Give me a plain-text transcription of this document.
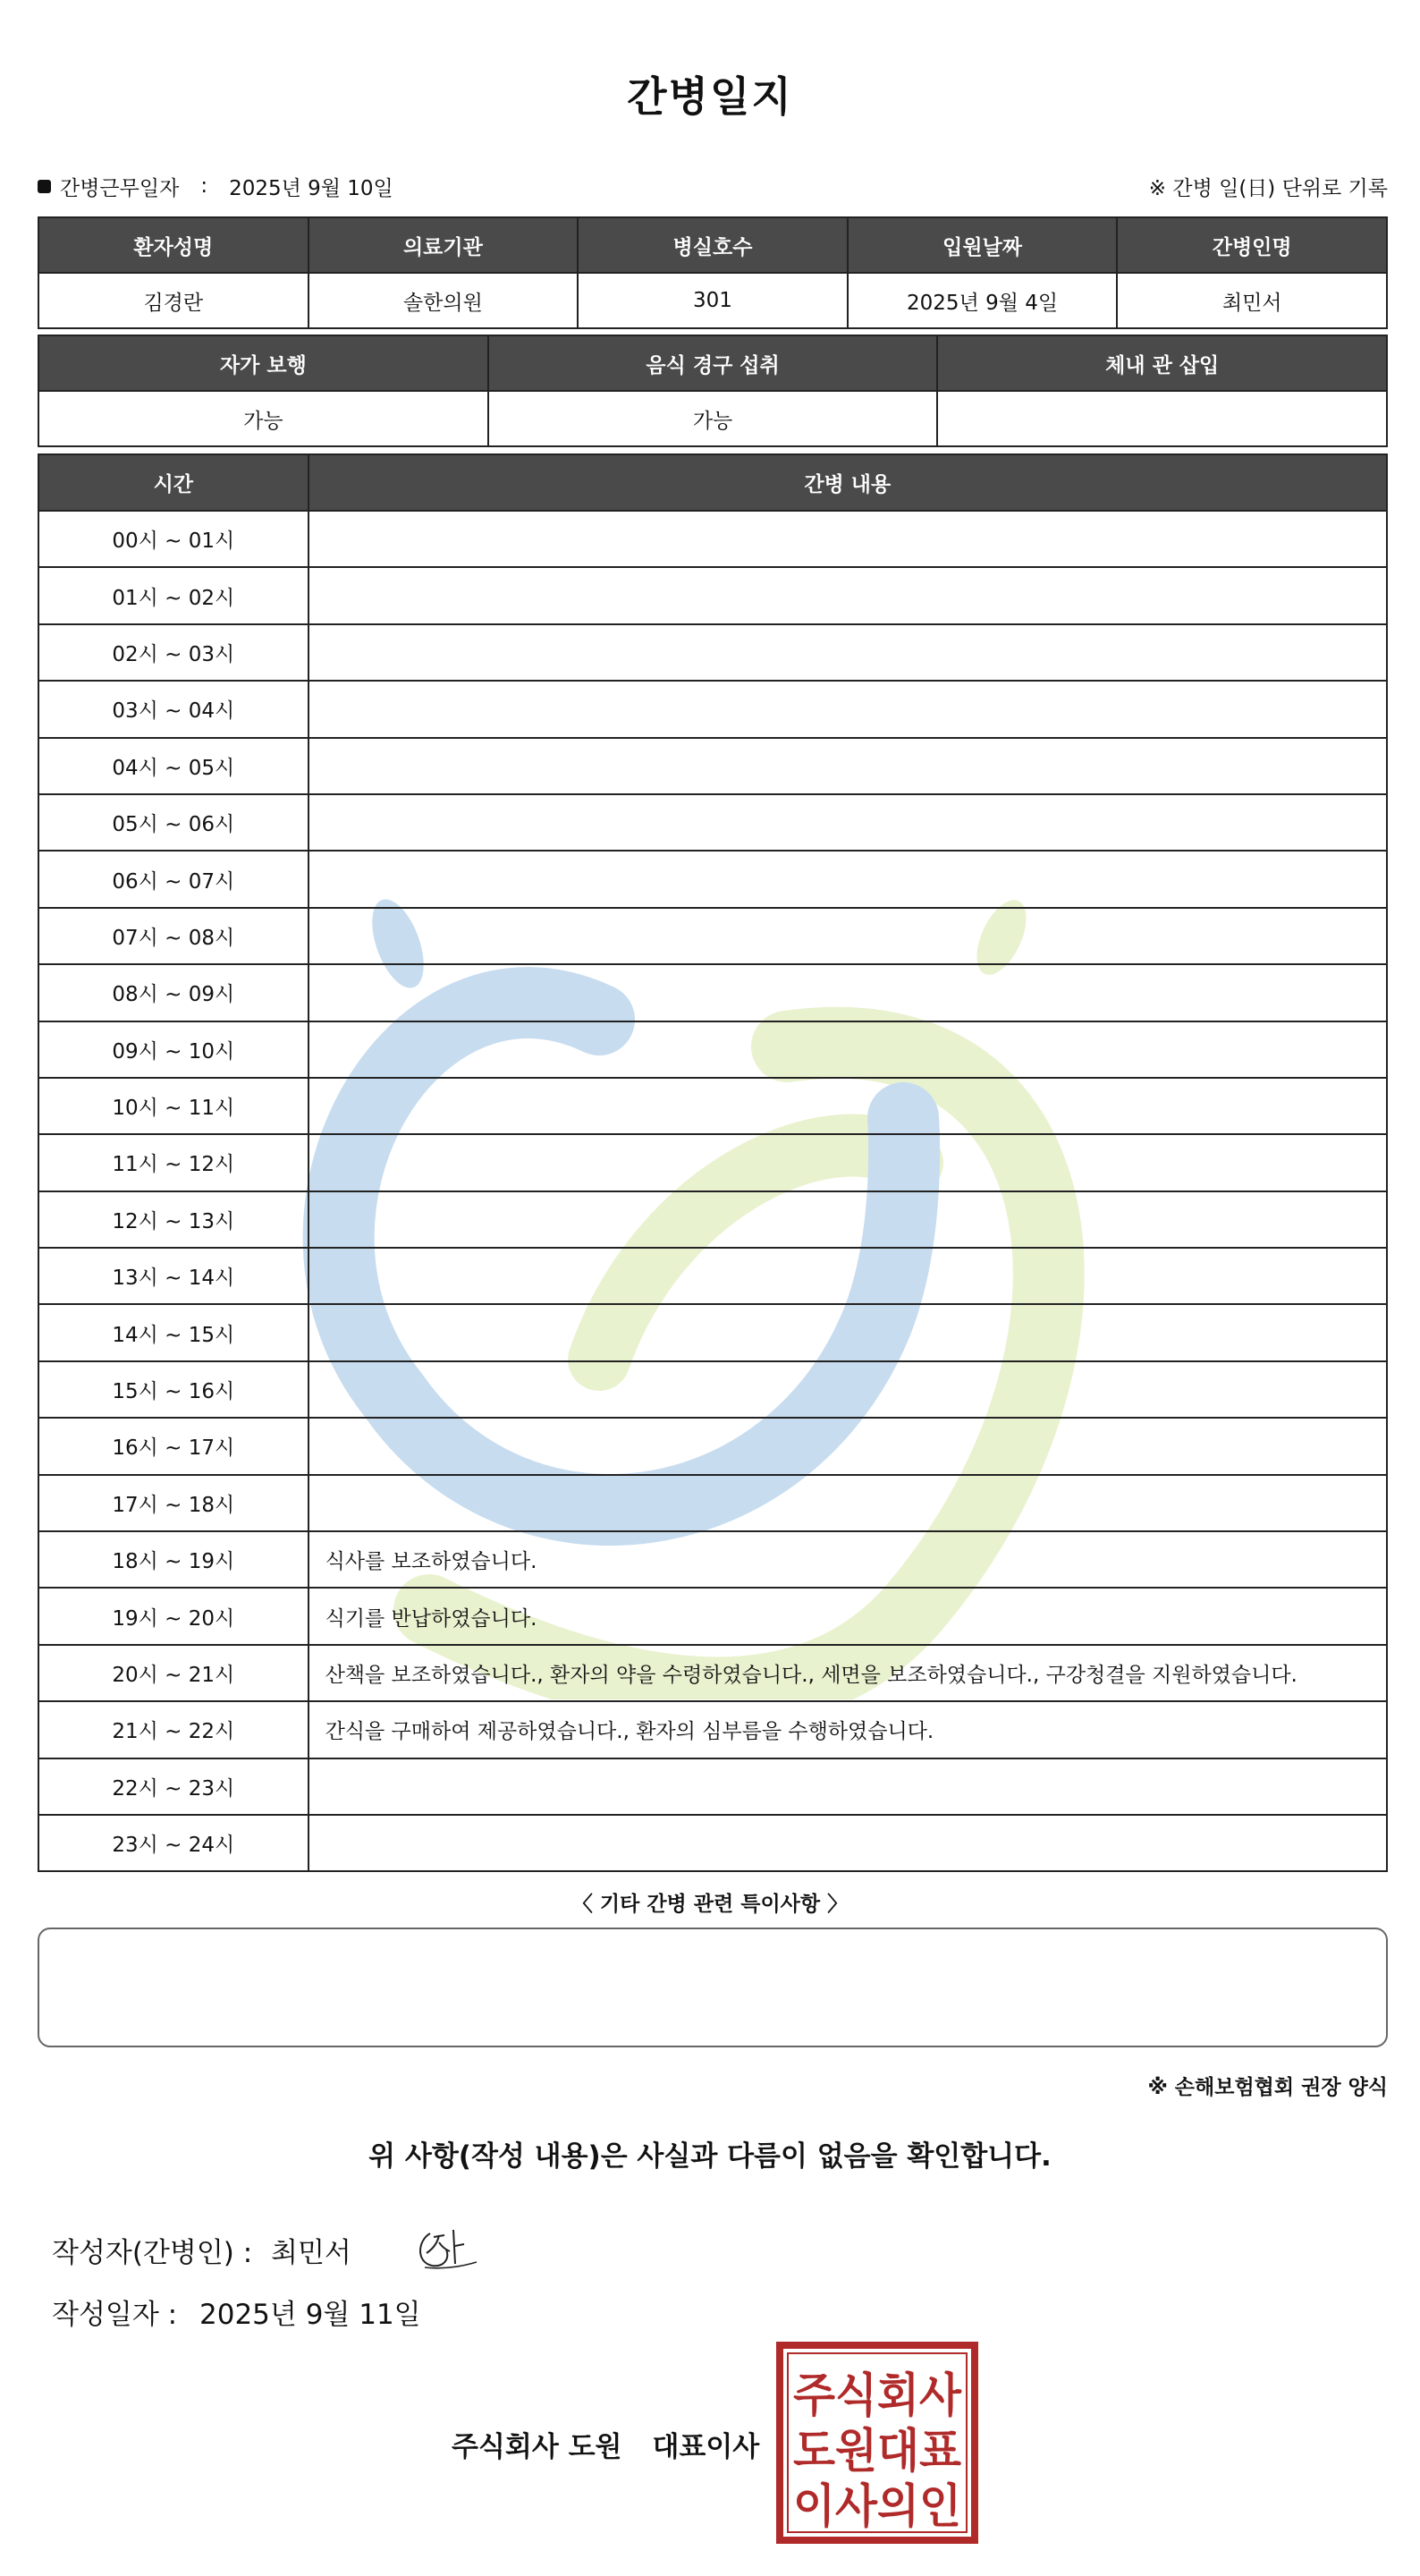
간병일지
간병근무일자 : 2025년 9월 10일	※ 간병 일(日) 단위로 기록
환자성명	의료기관	병실호수	입원날짜	간병인명
김경란	솔한의원	301	2025년 9월 4일	최민서
자가 보행	음식 경구 섭취	체내 관 삽입
가능	가능	
시간	간병 내용
00시 ~ 01시	
01시 ~ 02시	
02시 ~ 03시	
03시 ~ 04시	
04시 ~ 05시	
05시 ~ 06시	
06시 ~ 07시	
07시 ~ 08시	
08시 ~ 09시	
09시 ~ 10시	
10시 ~ 11시	
11시 ~ 12시	
12시 ~ 13시	
13시 ~ 14시	
14시 ~ 15시	
15시 ~ 16시	
16시 ~ 17시	
17시 ~ 18시	
18시 ~ 19시	식사를 보조하였습니다.
19시 ~ 20시	식기를 반납하였습니다.
20시 ~ 21시	산책을 보조하였습니다., 환자의 약을 수령하였습니다., 세면을 보조하였습니다., 구강청결을 지원하였습니다.
21시 ~ 22시	간식을 구매하여 제공하였습니다., 환자의 심부름을 수행하였습니다.
22시 ~ 23시	
23시 ~ 24시	
〈 기타 간병 관련 특이사항 〉
※ 손해보험협회 권장 양식
위 사항(작성 내용)은 사실과 다름이 없음을 확인합니다.
작성자(간병인) : 최민서
작성일자 : 2025년 9월 11일
주식회사 도원 대표이사
주식회사
도원대표
이사의인
